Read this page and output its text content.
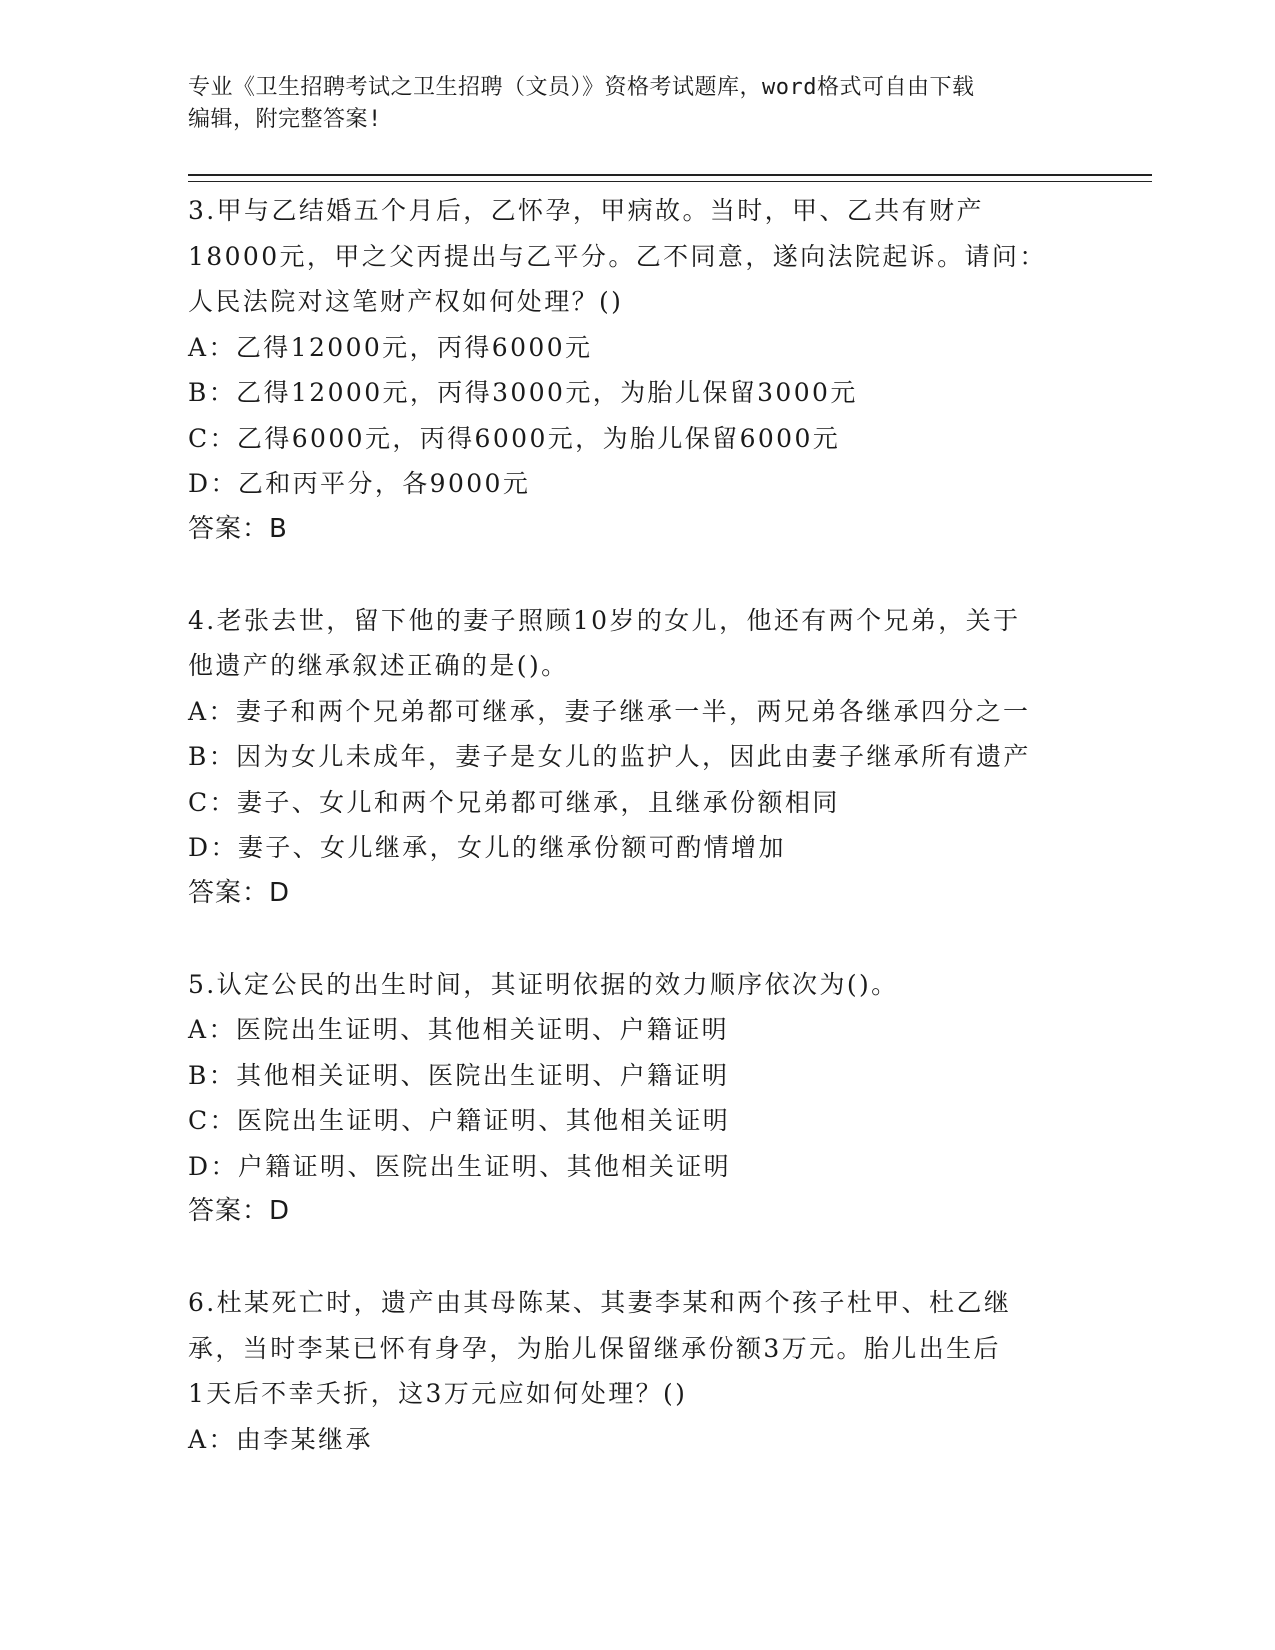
专业《卫生招聘考试之卫生招聘（文员）》资格考试题库，word格式可自由下载
编辑，附完整答案!
3.甲与乙结婚五个月后，乙怀孕，甲病故。当时，甲、乙共有财产
18000元，甲之父丙提出与乙平分。乙不同意，遂向法院起诉。请问：
人民法院对这笔财产权如何处理？()
A：乙得12000元，丙得6000元
B：乙得12000元，丙得3000元，为胎儿保留3000元
C：乙得6000元，丙得6000元，为胎儿保留6000元
D：乙和丙平分，各9000元
答案：B
4.老张去世，留下他的妻子照顾10岁的女儿，他还有两个兄弟，关于
他遗产的继承叙述正确的是()。
A：妻子和两个兄弟都可继承，妻子继承一半，两兄弟各继承四分之一
B：因为女儿未成年，妻子是女儿的监护人，因此由妻子继承所有遗产
C：妻子、女儿和两个兄弟都可继承，且继承份额相同
D：妻子、女儿继承，女儿的继承份额可酌情增加
答案：D
5.认定公民的出生时间，其证明依据的效力顺序依次为()。
A：医院出生证明、其他相关证明、户籍证明
B：其他相关证明、医院出生证明、户籍证明
C：医院出生证明、户籍证明、其他相关证明
D：户籍证明、医院出生证明、其他相关证明
答案：D
6.杜某死亡时，遗产由其母陈某、其妻李某和两个孩子杜甲、杜乙继
承，当时李某已怀有身孕，为胎儿保留继承份额3万元。胎儿出生后
1天后不幸夭折，这3万元应如何处理？()
A：由李某继承
